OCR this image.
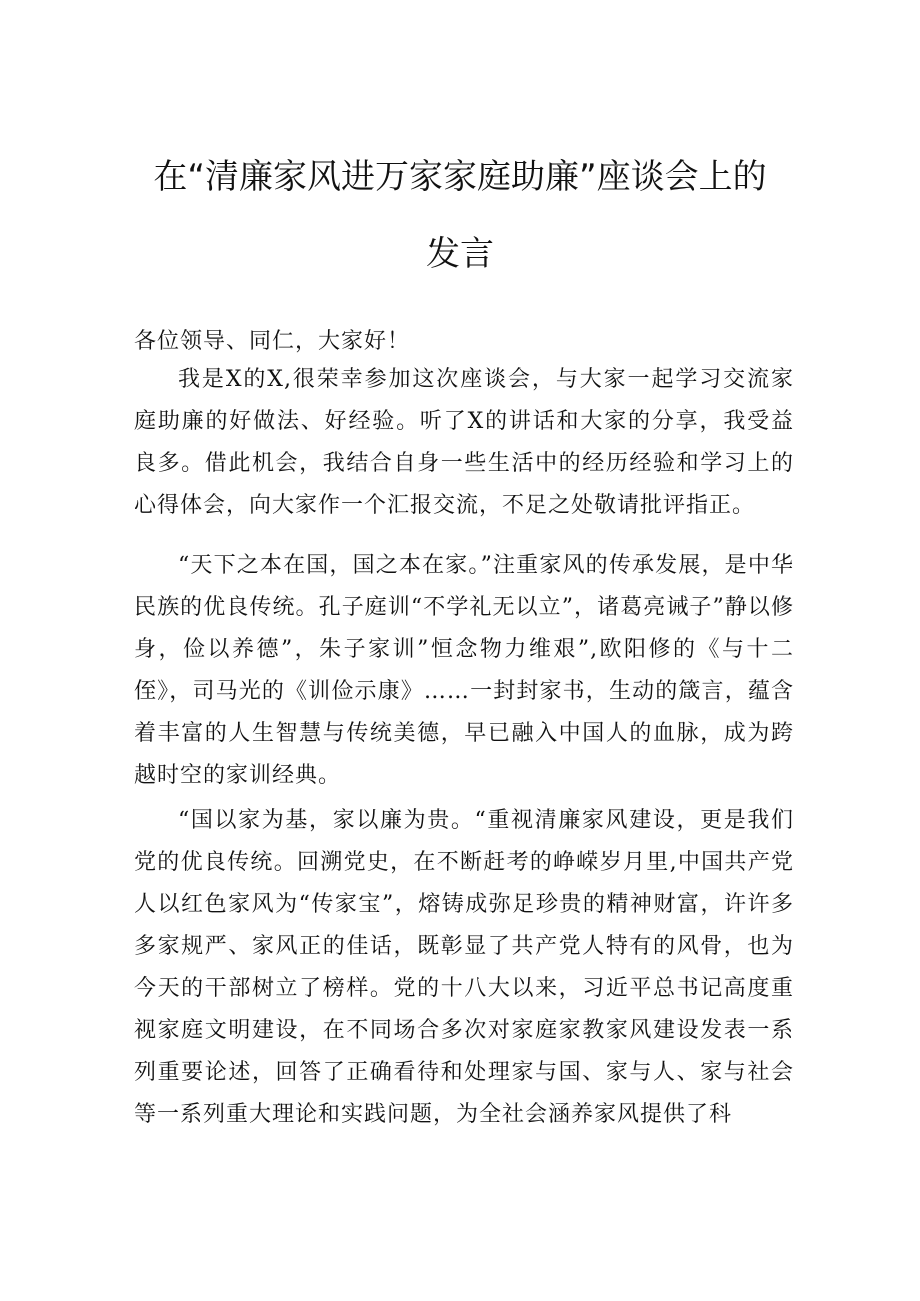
在“清廉家风进万家家庭助廉”座谈会上的
发言
各位领导、同仁，大家好！
我是X的X,很荣幸参加这次座谈会，与大家一起学习交流家庭助廉的好做法、好经验。听了X的讲话和大家的分享，我受益良多。借此机会，我结合自身一些生活中的经历经验和学习上的心得体会，向大家作一个汇报交流，不足之处敬请批评指正。
“天下之本在国，国之本在家。”注重家风的传承发展，是中华民族的优良传统。孔子庭训“不学礼无以立”，诸葛亮诫子”静以修身，俭以养德”，朱子家训”恒念物力维艰”,欧阳修的《与十二侄》，司马光的《训俭示康》……一封封家书，生动的箴言，蕴含着丰富的人生智慧与传统美德，早已融入中国人的血脉，成为跨越时空的家训经典。
“国以家为基，家以廉为贵。“重视清廉家风建设，更是我们党的优良传统。回溯党史，在不断赶考的峥嵘岁月里,中国共产党人以红色家风为“传家宝”，熔铸成弥足珍贵的精神财富，许许多多家规严、家风正的佳话，既彰显了共产党人特有的风骨，也为今天的干部树立了榜样。党的十八大以来，习近平总书记高度重视家庭文明建设，在不同场合多次对家庭家教家风建设发表一系列重要论述，回答了正确看待和处理家与国、家与人、家与社会等一系列重大理论和实践问题，为全社会涵养家风提供了科
